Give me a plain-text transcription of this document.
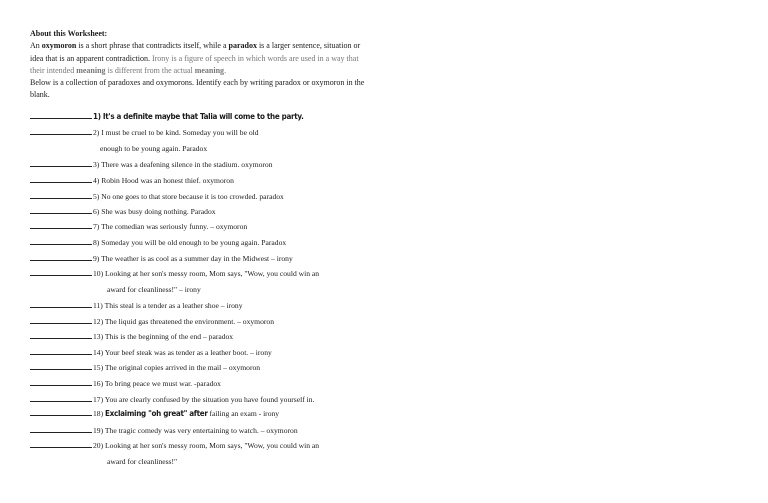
About this Worksheet:
An oxymoron is a short phrase that contradicts itself, while a paradox is a larger sentence, situation or idea that is an apparent contradiction. Irony is a figure of speech in which words are used in a way that their intended meaning is different from the actual meaning.
Below is a collection of paradoxes and oxymorons. Identify each by writing paradox or oxymoron in the blank.
1) It's a definite maybe that Talia will come to the party.
2) I must be cruel to be kind. Someday you will be old
enough to be young again. Paradox
3) There was a deafening silence in the stadium. oxymoron
4) Robin Hood was an honest thief. oxymoron
5) No one goes to that store because it is too crowded. paradox
6) She was busy doing nothing. Paradox
7) The comedian was seriously funny. – oxymoron
8) Someday you will be old enough to be young again. Paradox
9) The weather is as cool as a summer day in the Midwest – irony
10) Looking at her son's messy room, Mom says, "Wow, you could win an
award for cleanliness!" – irony
11) This steal is a tender as a leather shoe – irony
12) The liquid gas threatened the environment. – oxymoron
13) This is the beginning of the end – paradox
14) Your beef steak was as tender as a leather boot. – irony
15) The original copies arrived in the mail – oxymoron
16) To bring peace we must war. -paradox
17) You are clearly confused by the situation you have found yourself in.
18) Exclaiming "oh great" after failing an exam - irony
19) The tragic comedy was very entertaining to watch. – oxymoron
20) Looking at her son's messy room, Mom says, "Wow, you could win an
award for cleanliness!"
